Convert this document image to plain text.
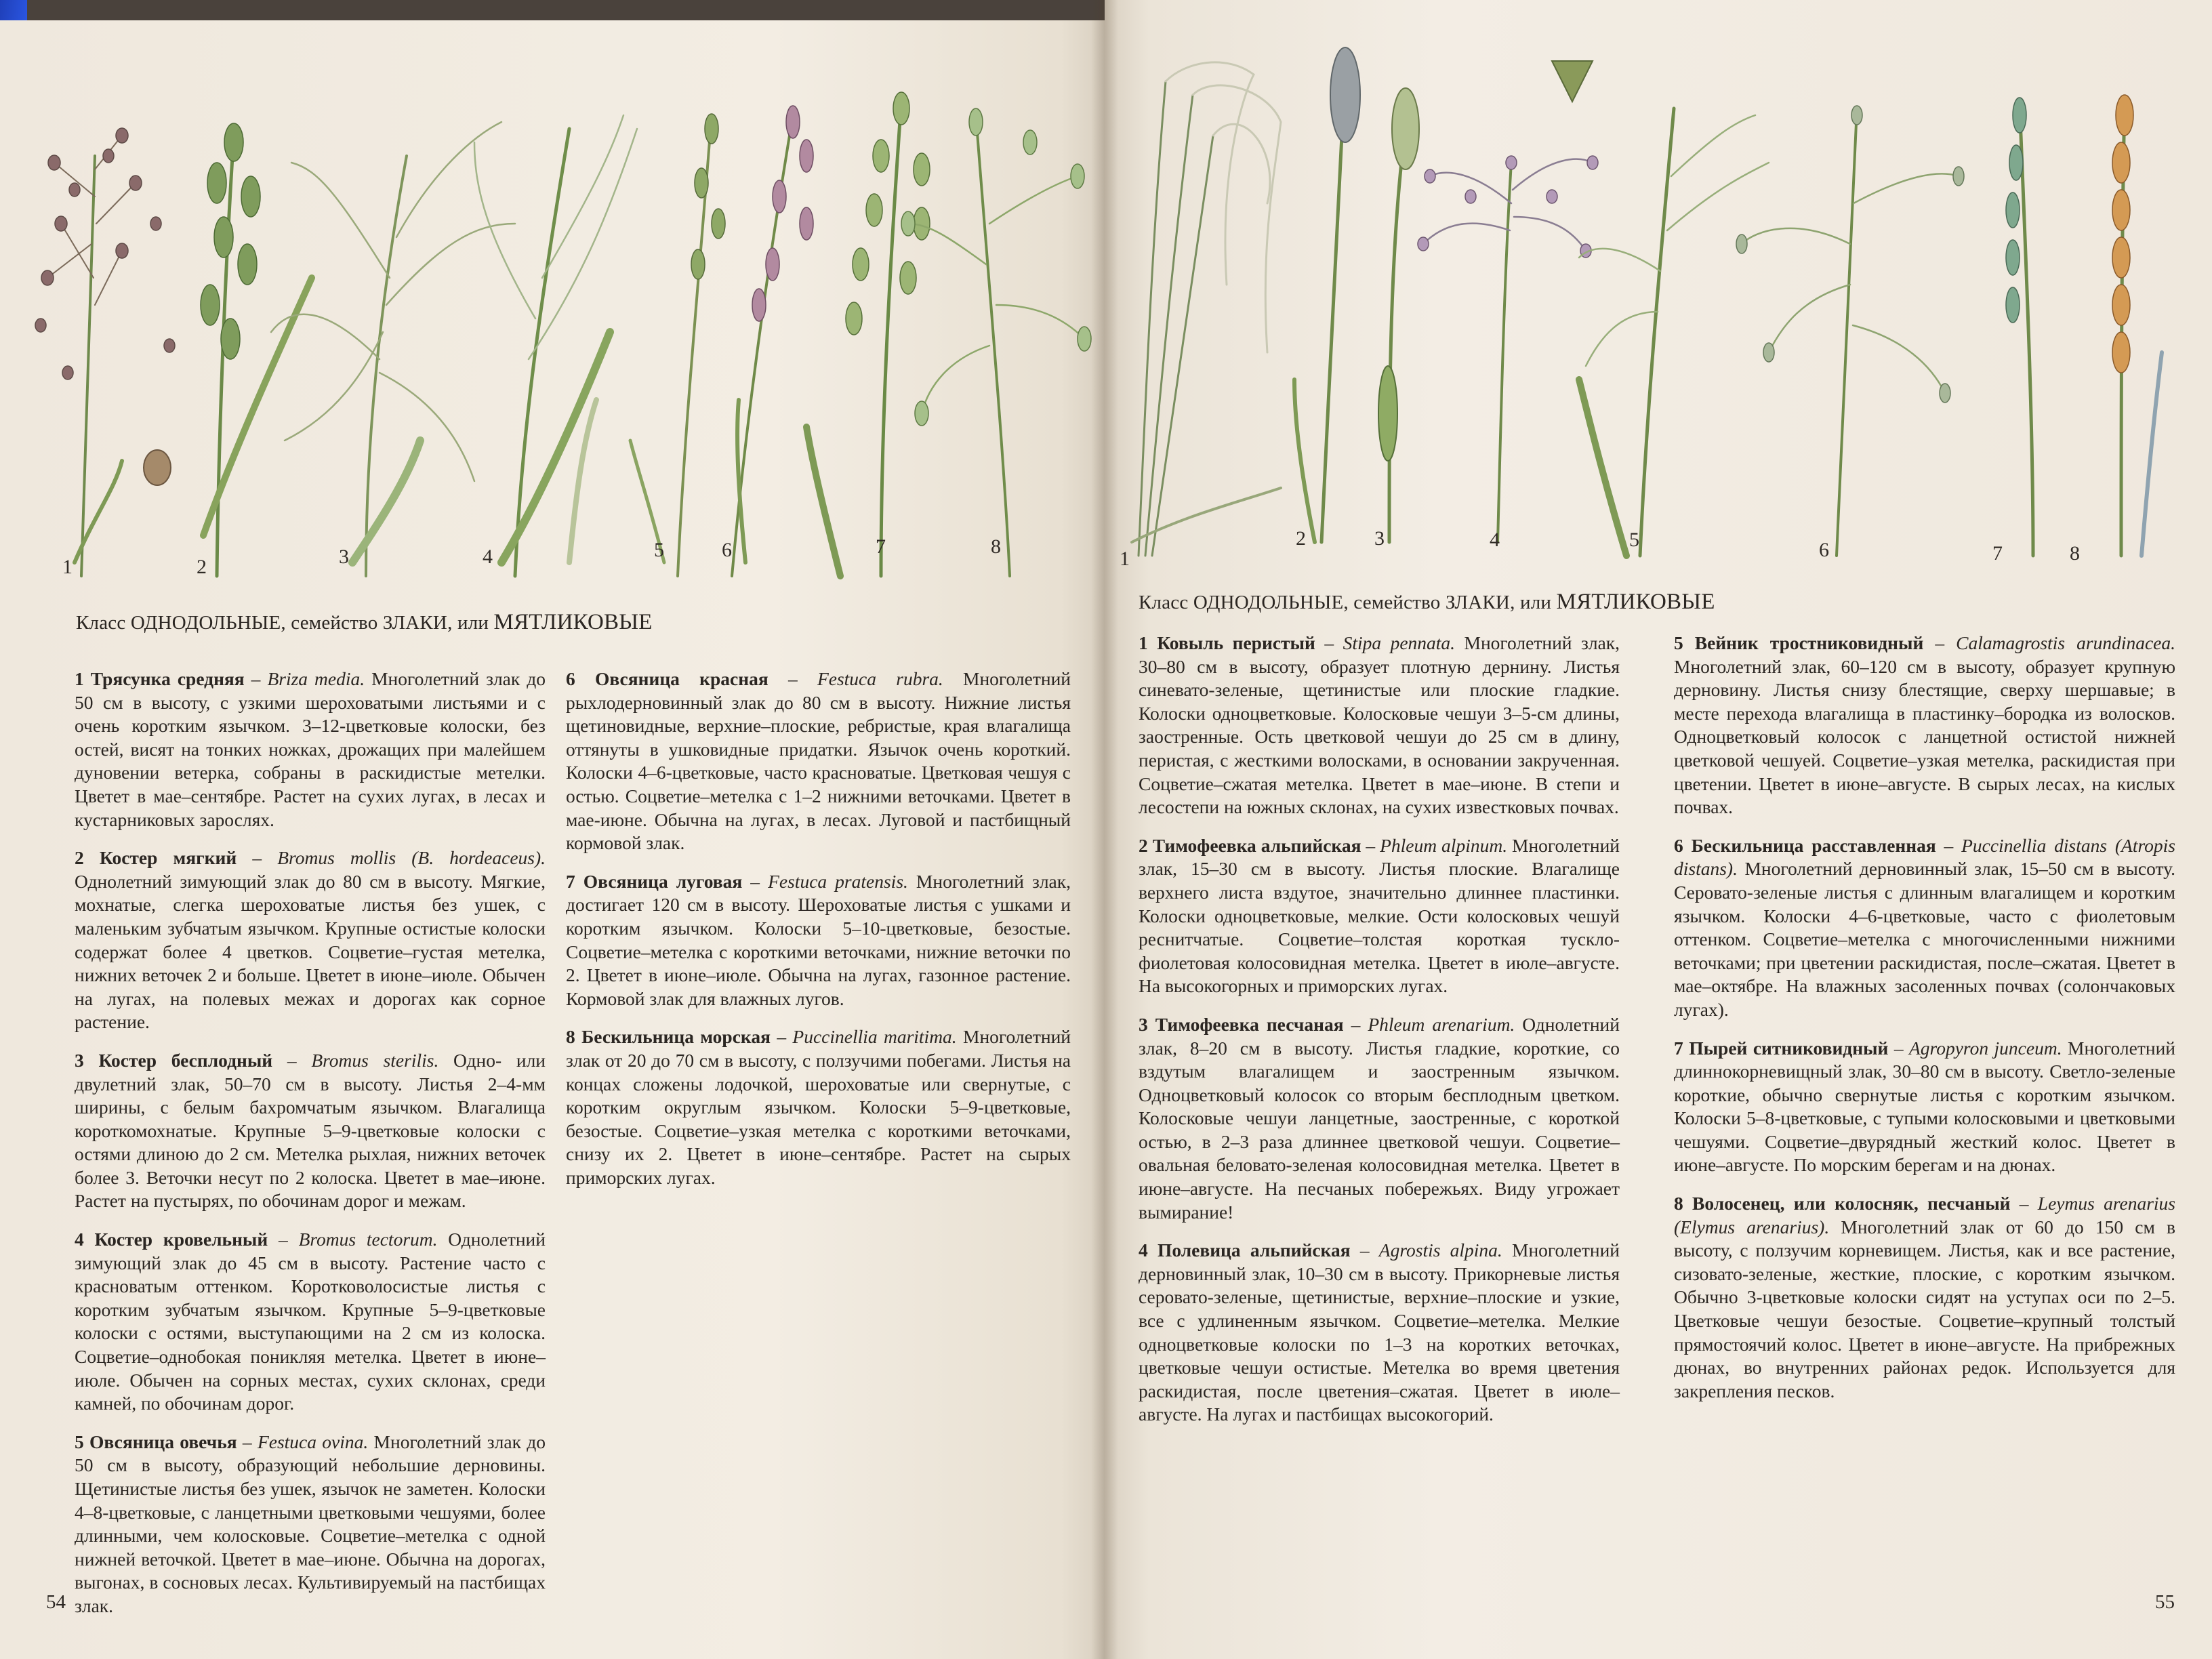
1	2	3	4	5	6	7	8
Класс ОДНОДОЛЬНЫЕ, семейство ЗЛАКИ, или МЯТЛИКОВЫЕ

1 Трясунка средняя – Briza media. Многолетний злак до 50 см в высоту, с узкими шероховатыми листьями и с очень коротким язычком. 3–12-цветковые колоски, без остей, висят на тонких ножках, дрожащих при малейшем дуновении ветерка, собраны в раскидистые метелки. Цветет в мае–сентябре. Растет на сухих лугах, в лесах и кустарниковых зарослях.

2 Костер мягкий – Bromus mollis (B. hordeaceus). Однолетний зимующий злак до 80 см в высоту. Мягкие, мохнатые, слегка шероховатые листья без ушек, с маленьким зубчатым язычком. Крупные остистые колоски содержат более 4 цветков. Соцветие–густая метелка, нижних веточек 2 и больше. Цветет в июне–июле. Обычен на лугах, на полевых межах и дорогах как сорное растение.

3 Костер бесплодный – Bromus sterilis. Одно- или двулетний злак, 50–70 см в высоту. Листья 2–4-мм ширины, с белым бахромчатым язычком. Влагалища короткомохнатые. Крупные 5–9-цветковые колоски с остями длиною до 2 см. Метелка рыхлая, нижних веточек более 3. Веточки несут по 2 колоска. Цветет в мае–июне. Растет на пустырях, по обочинам дорог и межам.

4 Костер кровельный – Bromus tectorum. Однолетний зимующий злак до 45 см в высоту. Растение часто с красноватым оттенком. Коротковолосистые листья с коротким зубчатым язычком. Крупные 5–9-цветковые колоски с остями, выступающими на 2 см из колоска. Соцветие–однобокая поникляя метелка. Цветет в июне–июле. Обычен на сорных местах, сухих склонах, среди камней, по обочинам дорог.

5 Овсяница овечья – Festuca ovina. Многолетний злак до 50 см в высоту, образующий небольшие дерновины. Щетинистые листья без ушек, язычок не заметен. Колоски 4–8-цветковые, с ланцетными цветковыми чешуями, более длинными, чем колосковые. Соцветие–метелка с одной нижней веточкой. Цветет в мае–июне. Обычна на дорогах, выгонах, в сосновых лесах. Культивируемый на пастбищах злак.

6 Овсяница красная – Festuca rubra. Многолетний рыхлодерновинный злак до 80 см в высоту. Нижние листья щетиновидные, верхние–плоские, ребристые, края влагалища оттянуты в ушковидные придатки. Язычок очень короткий. Колоски 4–6-цветковые, часто красноватые. Цветковая чешуя с остью. Соцветие–метелка с 1–2 нижними веточками. Цветет в мае-июне. Обычна на лугах, в лесах. Луговой и пастбищный кормовой злак.

7 Овсяница луговая – Festuca pratensis. Многолетний злак, достигает 120 см в высоту. Шероховатые листья с ушками и коротким язычком. Колоски 5–10-цветковые, безостые. Соцветие–метелка с короткими веточками, нижние веточки по 2. Цветет в июне–июле. Обычна на лугах, газонное растение. Кормовой злак для влажных лугов.

8 Бескильница морская – Puccinellia maritima. Многолетний злак от 20 до 70 см в высоту, с ползучими побегами. Листья на концах сложены лодочкой, шероховатые или свернутые, с коротким округлым язычком. Колоски 5–9-цветковые, безостые. Соцветие–узкая метелка с короткими веточками, снизу их 2. Цветет в июне–сентябре. Растет на сырых приморских лугах.

54
1
2	3	4	5	6	7	8
Класс ОДНОДОЛЬНЫЕ, семейство ЗЛАКИ, или МЯТЛИКОВЫЕ

1 Ковыль перистый – Stipa pennata. Многолетний злак, 30–80 см в высоту, образует плотную дернину. Листья синевато-зеленые, щетинистые или плоские гладкие. Колоски одноцветковые. Колосковые чешуи 3–5-см длины, заостренные. Ость цветковой чешуи до 25 см в длину, перистая, с жесткими волосками, в основании закрученная. Соцветие–сжатая метелка. Цветет в мае–июне. В степи и лесостепи на южных склонах, на сухих известковых почвах.

2 Тимофеевка альпийская – Phleum alpinum. Многолетний злак, 15–30 см в высоту. Листья плоские. Влагалище верхнего листа вздутое, значительно длиннее пластинки. Колоски одноцветковые, мелкие. Ости колосковых чешуй реснитчатые. Соцветие–толстая короткая тускло-фиолетовая колосовидная метелка. Цветет в июле–августе. На высокогорных и приморских лугах.

3 Тимофеевка песчаная – Phleum arenarium. Однолетний злак, 8–20 см в высоту. Листья гладкие, короткие, со вздутым влагалищем и заостренным язычком. Одноцветковый колосок со вторым бесплодным цветком. Колосковые чешуи ланцетные, заостренные, с короткой остью, в 2–3 раза длиннее цветковой чешуи. Соцветие–овальная беловато-зеленая колосовидная метелка. Цветет в июне–августе. На песчаных побережьях. Виду угрожает вымирание!

4 Полевица альпийская – Agrostis alpina. Многолетний дерновинный злак, 10–30 см в высоту. Прикорневые листья серовато-зеленые, щетинистые, верхние–плоские и узкие, все с удлиненным язычком. Соцветие–метелка. Мелкие одноцветковые колоски по 1–3 на коротких веточках, цветковые чешуи остистые. Метелка во время цветения раскидистая, после цветения–сжатая. Цветет в июле–августе. На лугах и пастбищах высокогорий.

5 Вейник тростниковидный – Calamagrostis arundinacea. Многолетний злак, 60–120 см в высоту, образует крупную дерновину. Листья снизу блестящие, сверху шершавые; в месте перехода влагалища в пластинку–бородка из волосков. Одноцветковый колосок с ланцетной остистой нижней цветковой чешуей. Соцветие–узкая метелка, раскидистая при цветении. Цветет в июне–августе. В сырых лесах, на кислых почвах.

6 Бескильница расставленная – Puccinellia distans (Atropis distans). Многолетний дерновинный злак, 15–50 см в высоту. Серовато-зеленые листья с длинным влагалищем и коротким язычком. Колоски 4–6-цветковые, часто с фиолетовым оттенком. Соцветие–метелка с многочисленными нижними веточками; при цветении раскидистая, после–сжатая. Цветет в мае–октябре. На влажных засоленных почвах (солончаковых лугах).

7 Пырей ситниковидный – Agropyron junceum. Многолетний длиннокорневищный злак, 30–80 см в высоту. Светло-зеленые короткие, обычно свернутые листья с коротким язычком. Колоски 5–8-цветковые, с тупыми колосковыми и цветковыми чешуями. Соцветие–двурядный жесткий колос. Цветет в июне–августе. По морским берегам и на дюнах.

8 Волосенец, или колосняк, песчаный – Leymus arenarius (Elymus arenarius). Многолетний злак от 60 до 150 см в высоту, с ползучим корневищем. Листья, как и все растение, сизовато-зеленые, жесткие, плоские, с коротким язычком. Обычно 3-цветковые колоски сидят на уступах оси по 2–5. Цветковые чешуи безостые. Соцветие–крупный толстый прямостоячий колос. Цветет в июне–августе. На прибрежных дюнах, во внутренних районах редок. Используется для закрепления песков.

55
